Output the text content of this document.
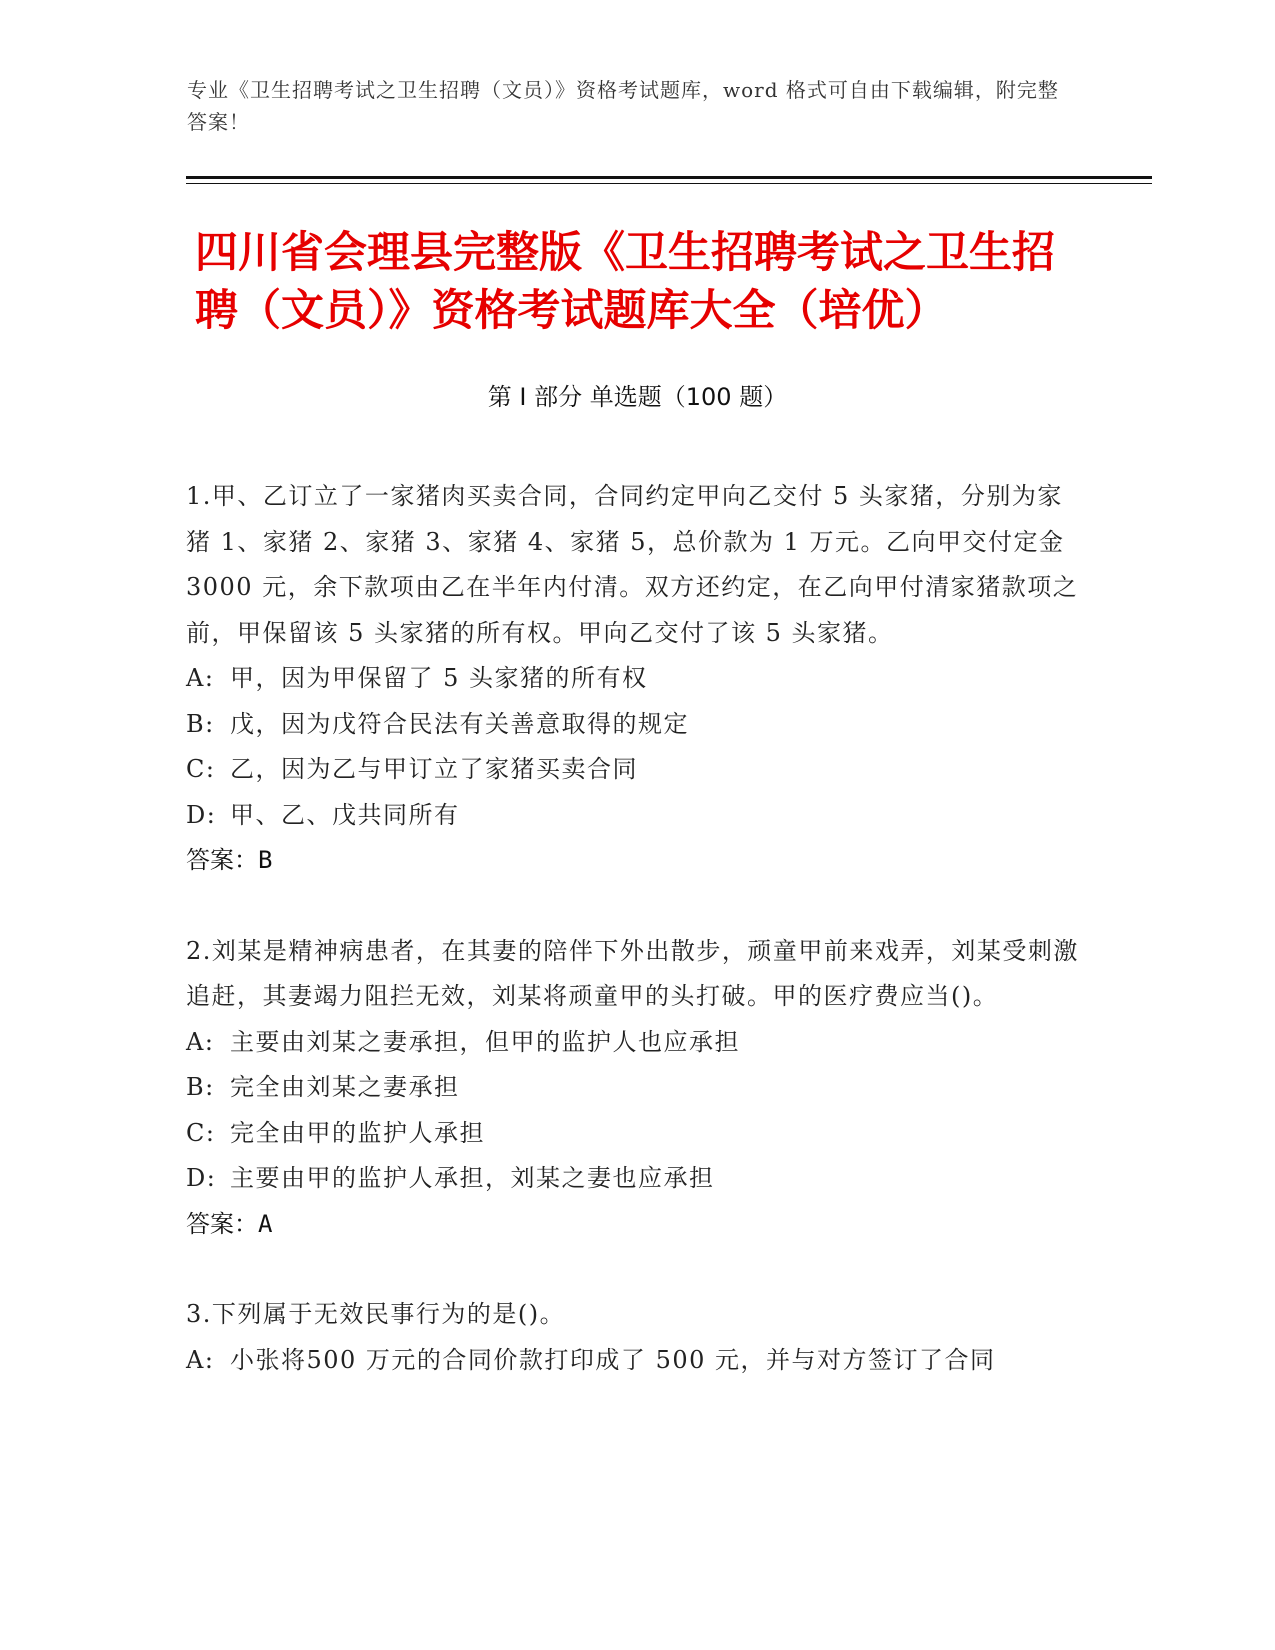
专业《卫生招聘考试之卫生招聘（文员）》资格考试题库，word 格式可自由下载编辑，附完整答案！
四川省会理县完整版《卫生招聘考试之卫生招聘（文员）》资格考试题库大全（培优）
第 I 部分 单选题（100 题）
1.甲、乙订立了一家猪肉买卖合同，合同约定甲向乙交付 5 头家猪，分别为家猪 1、家猪 2、家猪 3、家猪 4、家猪 5，总价款为 1 万元。乙向甲交付定金 3000 元，余下款项由乙在半年内付清。双方还约定，在乙向甲付清家猪款项之前，甲保留该 5 头家猪的所有权。甲向乙交付了该 5 头家猪。
A: 甲，因为甲保留了 5 头家猪的所有权
B: 戊，因为戊符合民法有关善意取得的规定
C: 乙，因为乙与甲订立了家猪买卖合同
D: 甲、乙、戊共同所有
答案：B
2.刘某是精神病患者，在其妻的陪伴下外出散步，顽童甲前来戏弄，刘某受刺激追赶，其妻竭力阻拦无效，刘某将顽童甲的头打破。甲的医疗费应当()。
A: 主要由刘某之妻承担，但甲的监护人也应承担
B: 完全由刘某之妻承担
C: 完全由甲的监护人承担
D: 主要由甲的监护人承担，刘某之妻也应承担
答案：A
3.下列属于无效民事行为的是()。
A: 小张将500 万元的合同价款打印成了 500 元，并与对方签订了合同
